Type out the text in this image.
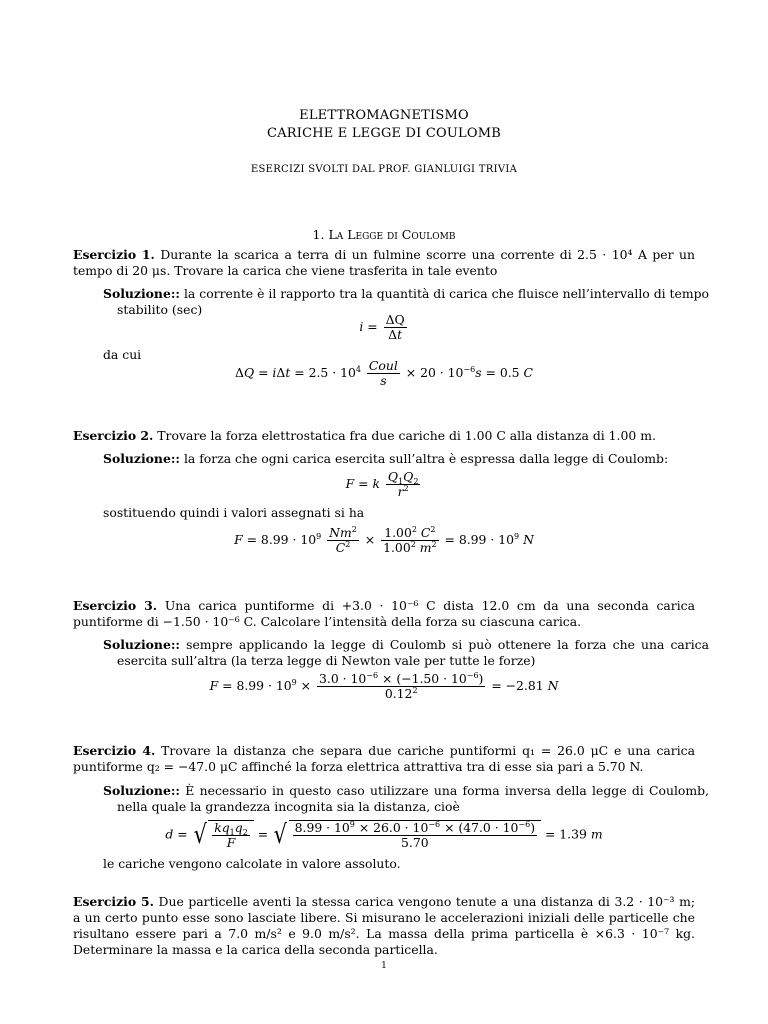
ELETTROMAGNETISMO
CARICHE E LEGGE DI COULOMB
ESERCIZI SVOLTI DAL PROF. GIANLUIGI TRIVIA
1. La Legge di Coulomb
Esercizio 1. Durante la scarica a terra di un fulmine scorre una corrente di 2.5 · 10⁴ A per un tempo di 20 μs. Trovare la carica che viene trasferita in tale evento
Soluzione:: la corrente è il rapporto tra la quantità di carica che fluisce nell’intervallo di tempo stabilito (sec)
$i = \frac{\Delta Q}{\Delta t}$
da cui
$\Delta Q = i\Delta t = 2.5 \cdot 10^4 \frac{\text{Coul}}{s} \times 20 \cdot 10^{-6}s = 0.5$ C
Esercizio 2. Trovare la forza elettrostatica fra due cariche di 1.00 C alla distanza di 1.00 m.
Soluzione:: la forza che ogni carica esercita sull’altra è espressa dalla legge di Coulomb:
F = k $\frac{Q_1Q_2}{r^2}$
sostituendo quindi i valori assegnati si ha
$F = 8.99 \cdot 10^9 \frac{Nm^2}{C^2} \times \frac{1.00^2 C^2}{1.00^2 m^2} = 8.99 \cdot 10^9$ N
Esercizio 3. Una carica puntiforme di +3.0 · 10⁻⁶ C dista 12.0 cm da una seconda carica puntiforme di −1.50 · 10⁻⁶ C. Calcolare l’intensità della forza su ciascuna carica.
Soluzione:: sempre applicando la legge di Coulomb si può ottenere la forza che una carica esercita sull’altra (la terza legge di Newton vale per tutte le forze)
$F = 8.99 \cdot 10^9 \times \frac{3.0 \cdot 10^{-6} \times (-1.50 \cdot 10^{-6})}{0.12^2} = -2.81$ N
Esercizio 4. Trovare la distanza che separa due cariche puntiformi q₁ = 26.0 μC e una carica puntiforme q₂ = −47.0 μC affinché la forza elettrica attrattiva tra di esse sia pari a 5.70 N.
Soluzione:: È necessario in questo caso utilizzare una forma inversa della legge di Coulomb, nella quale la grandezza incognita sia la distanza, cioè
d = √ $\frac{kq_1q_2}{F}$ = √ $\frac{8.99 \cdot 10^9 \times 26.0 \cdot 10^{-6} \times (47.0 \cdot 10^{-6})}{5.70} = 1.39$ m
le cariche vengono calcolate in valore assoluto.
Esercizio 5. Due particelle aventi la stessa carica vengono tenute a una distanza di 3.2 · 10⁻³ m; a un certo punto esse sono lasciate libere. Si misurano le accelerazioni iniziali delle particelle che risultano essere pari a 7.0 m/s² e 9.0 m/s². La massa della prima particella è ×6.3 · 10⁻⁷ kg. Determinare la massa e la carica della seconda particella.
1
